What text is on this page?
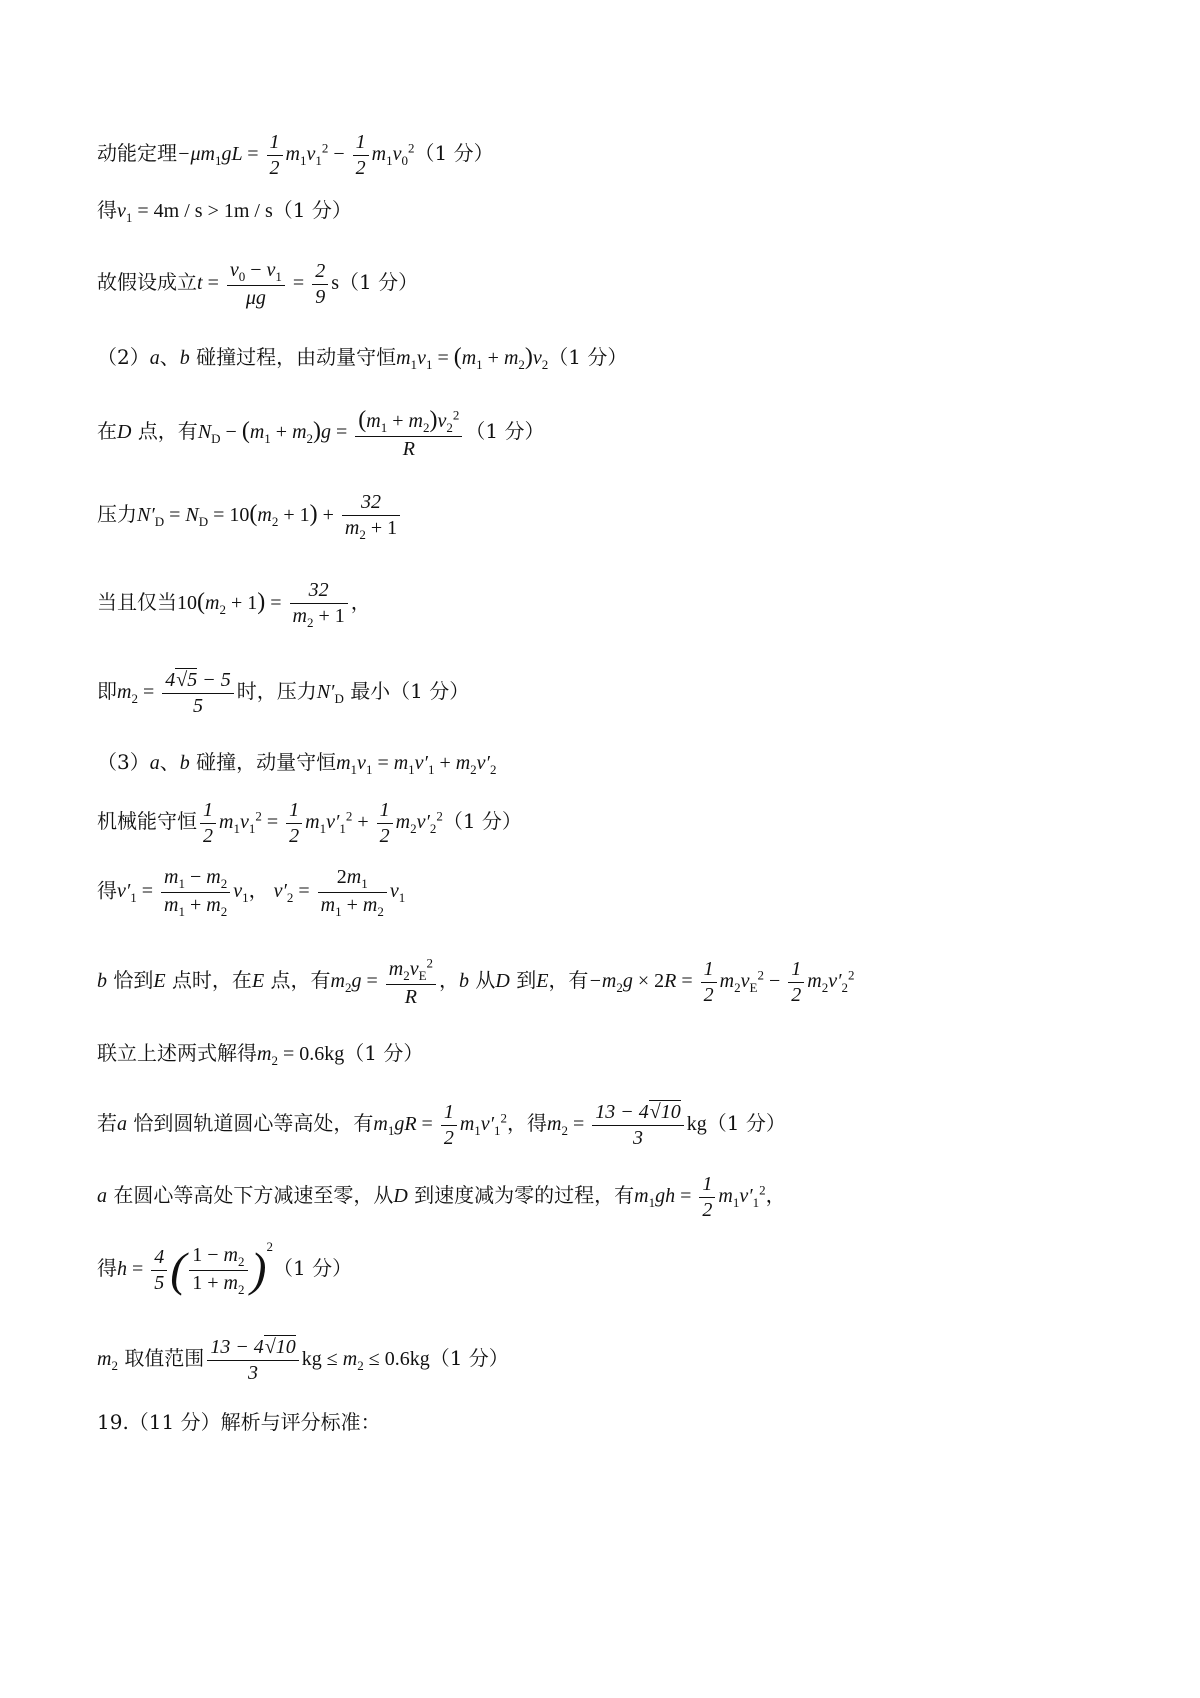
动能定理$-\mu m_1gL = \frac{1}{2} m_1v_1^2 - \frac{1}{2} m_1v_0^2(1$ 分）
得$v_1 = 4m / s > 1m / s(1$ 分）
故假设成立$t = \frac{v_0 - v_1}{\mu g} = \frac{2}{9} s(1$ 分）
（2）a、b 碰撞过程，由动量守恒$m_1v_1 = (m_1 + m_2)v_2(1$ 分）
在D 点，有$N_D - (m_1 + m_2)g = \frac{(m_1 + m_2)v_2^2}{R} (1$ 分）
压力$N'_D = N_D = 10(m_2 + 1) + \frac{32}{m_2 + 1}$
当且仅当$10(m_2 + 1) = \frac{32}{m_2 + 1}$ ，
即$m_2 = \frac{4√5 - 5}{5}$ 时，压力$N'_D$ 最小（1 分）
（3）a、b 碰撞，动量守恒$m_1v_1 = m_1v'_1 + m_2v'_2$
机械能守恒 $\frac{1}{2} m_1v_1^2 = \frac{1}{2} m_1v'_1^2 + \frac{1}{2} m_2v'_2^2(1$ 分）
得$v'_1 = \frac{m_1 - m_2}{m_1 + m_2} v_1$， $v'_2 = \frac{2m_1}{m_1 + m_2} v_1$
b 恰到E 点时，在E 点，有$m_2g = \frac{m_2v_E^2}{R}$ ，b 从D 到E，有$-m_2g \times 2R = \frac{1}{2} m_2v_E^2 - \frac{1}{2} m_2v'_2^2$
联立上述两式解得$m_2 = 0.6kg(1$ 分）
若a 恰到圆轨道圆心等高处，有$m_1gR = \frac{1}{2} m_1v'_1^2$，得$m_2 = \frac{13 - 4√10}{3} kg(1$ 分）
a 在圆心等高处下方减速至零，从D 到速度减为零的过程，有$m_1gh = \frac{1}{2} m_1v'_1^2$，
得$h = \frac{4}{5}$ ( $\frac{1 - m_2}{1 + m_2} )^2(1$ 分）
$m_2$ 取值范围 $\frac{13 - 4√10}{3}$ kg ≤ $m_2 \le 0.6kg(1$ 分）
19.（11 分）解析与评分标准：
